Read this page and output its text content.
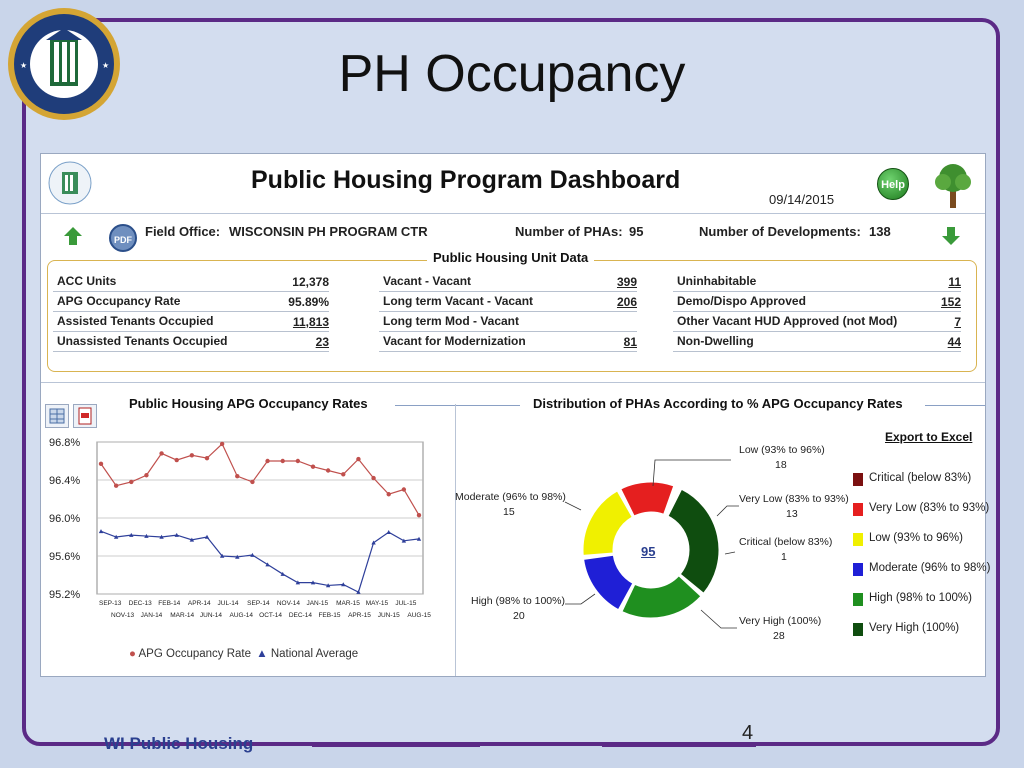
★	★	PH Occupancy
Public Housing Program Dashboard
09/14/2015
Help
PDF
Field Office: WISCONSIN PH PROGRAM CTR	Number of PHAs: 95	Number of Developments: 138
Public Housing Unit Data
ACC Units	12,378
APG Occupancy Rate	95.89%
Assisted Tenants Occupied	11,813
Unassisted Tenants Occupied	23
Vacant - Vacant	399
Long term Vacant - Vacant	206
Long term Mod - Vacant
Vacant for Modernization	81
Uninhabitable	11
Demo/Dispo Approved	152
Other Vacant HUD Approved (not Mod)	7
Non-Dwelling	44
Public Housing APG Occupancy Rates
96.8%
96.4%
96.0%
95.6%
95.2%
SEP-13 DEC-13 FEB-14 APR-14 JUL-14 SEP-14 NOV-14 JAN-15 MAR-15 MAY-15 JUL-15
NOV-13 JAN-14 MAR-14 JUN-14 AUG-14 OCT-14 DEC-14 FEB-15 APR-15 JUN-15 AUG-15
● APG Occupancy Rate ▲ National Average
Distribution of PHAs According to % APG Occupancy Rates
Export to Excel
95
Low (93% to 96%)
18
Very Low (83% to 93%)
13
Critical (below 83%)
1
Moderate (96% to 98%)
15
High (98% to 100%)
20	Very High (100%)
28
Critical (below 83%)
Very Low (83% to 93%)
Low (93% to 96%)
Moderate (96% to 98%)
High (98% to 100%)
Very High (100%)
WI Public Housing	4
